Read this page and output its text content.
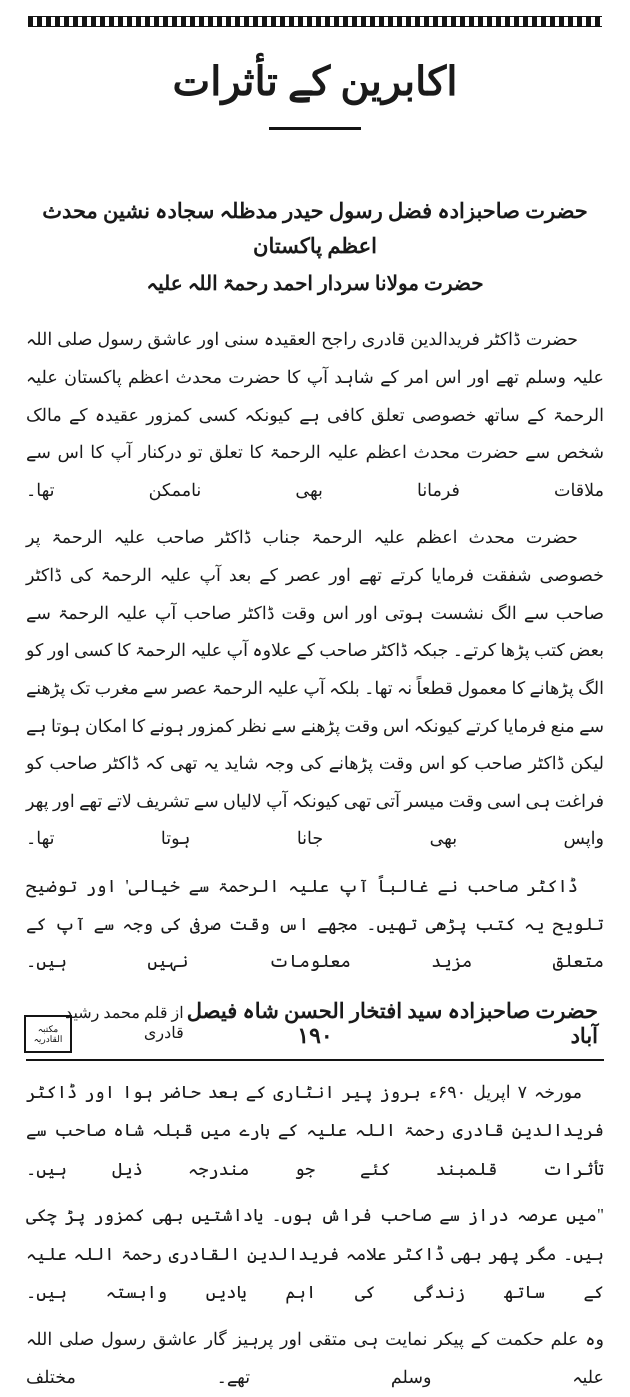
اکابرین کے تأثرات
حضرت صاحبزادہ فضل رسول حیدر مدظلہ سجادہ نشین محدث اعظم پاکستان
حضرت مولانا سردار احمد رحمۃ اللہ علیہ

حضرت ڈاکٹر فریدالدین قادری راجح العقیدہ سنی اور عاشق رسول صلی اللہ علیہ وسلم تھے اور اس امر کے شاہد آپ کا حضرت محدث اعظم پاکستان علیہ الرحمۃ کے ساتھ خصوصی تعلق کافی ہے کیونکہ کسی کمزور عقیدہ کے مالک شخص سے حضرت محدث اعظم علیہ الرحمۃ کا تعلق تو درکنار آپ کا اس سے ملاقات فرمانا بھی ناممکن تھا۔

حضرت محدث اعظم علیہ الرحمۃ جناب ڈاکٹر صاحب علیہ الرحمۃ پر خصوصی شفقت فرمایا کرتے تھے اور عصر کے بعد آپ علیہ الرحمۃ کی ڈاکٹر صاحب سے الگ نشست ہوتی اور اس وقت ڈاکٹر صاحب آپ علیہ الرحمۃ سے بعض کتب پڑھا کرتے۔ جبکہ ڈاکٹر صاحب کے علاوہ آپ علیہ الرحمۃ کا کسی اور کو الگ پڑھانے کا معمول قطعاً نہ تھا۔ بلکہ آپ علیہ الرحمۃ عصر سے مغرب تک پڑھنے سے منع فرمایا کرتے کیونکہ اس وقت پڑھنے سے نظر کمزور ہونے کا امکان ہوتا ہے لیکن ڈاکٹر صاحب کو اس وقت پڑھانے کی وجہ شاید یہ تھی کہ ڈاکٹر صاحب کو فراغت ہی اسی وقت میسر آتی تھی کیونکہ آپ لالیاں سے تشریف لاتے تھے اور پھر واپس بھی جانا ہوتا تھا۔

ڈاکٹر صاحب نے غالباً آپ علیہ الرحمۃ سے خیالی' اور توضیح تلویح یہ کتب پڑھی تھیں۔ مجھے اس وقت صرفی کی وجہ سے آپ کے متعلق مزید معلومات نہیں ہیں۔

حضرت صاحبزادہ سید افتخار الحسن شاہ فیصل آباد
از قلم محمد رشید قادری

مورخہ ۷ اپریل ۶۹۰ء بروز پیر انٹاری کے بعد حاضر ہوا اور ڈاکٹر فریدالدین قادری رحمۃ اللہ علیہ کے بارے میں قبلہ شاہ صاحب سے تأثرات قلمبند کئے جو مندرجہ ذیل ہیں۔

"میں عرصہ دراز سے صاحب فراش ہوں۔ یاداشتیں بھی کمزور پڑ چکی ہیں۔ مگر پھر بھی ڈاکٹر علامہ فریدالدین القادری رحمۃ اللہ علیہ کے ساتھ زندگی کی اہم یادیں وابستہ ہیں۔

وہ علم حکمت کے پیکر نمایت ہی متقی اور پرہیز گار عاشق رسول صلی اللہ علیہ وسلم تھے۔ مختلف

مکتبہ القادریہ	۱۹۰
